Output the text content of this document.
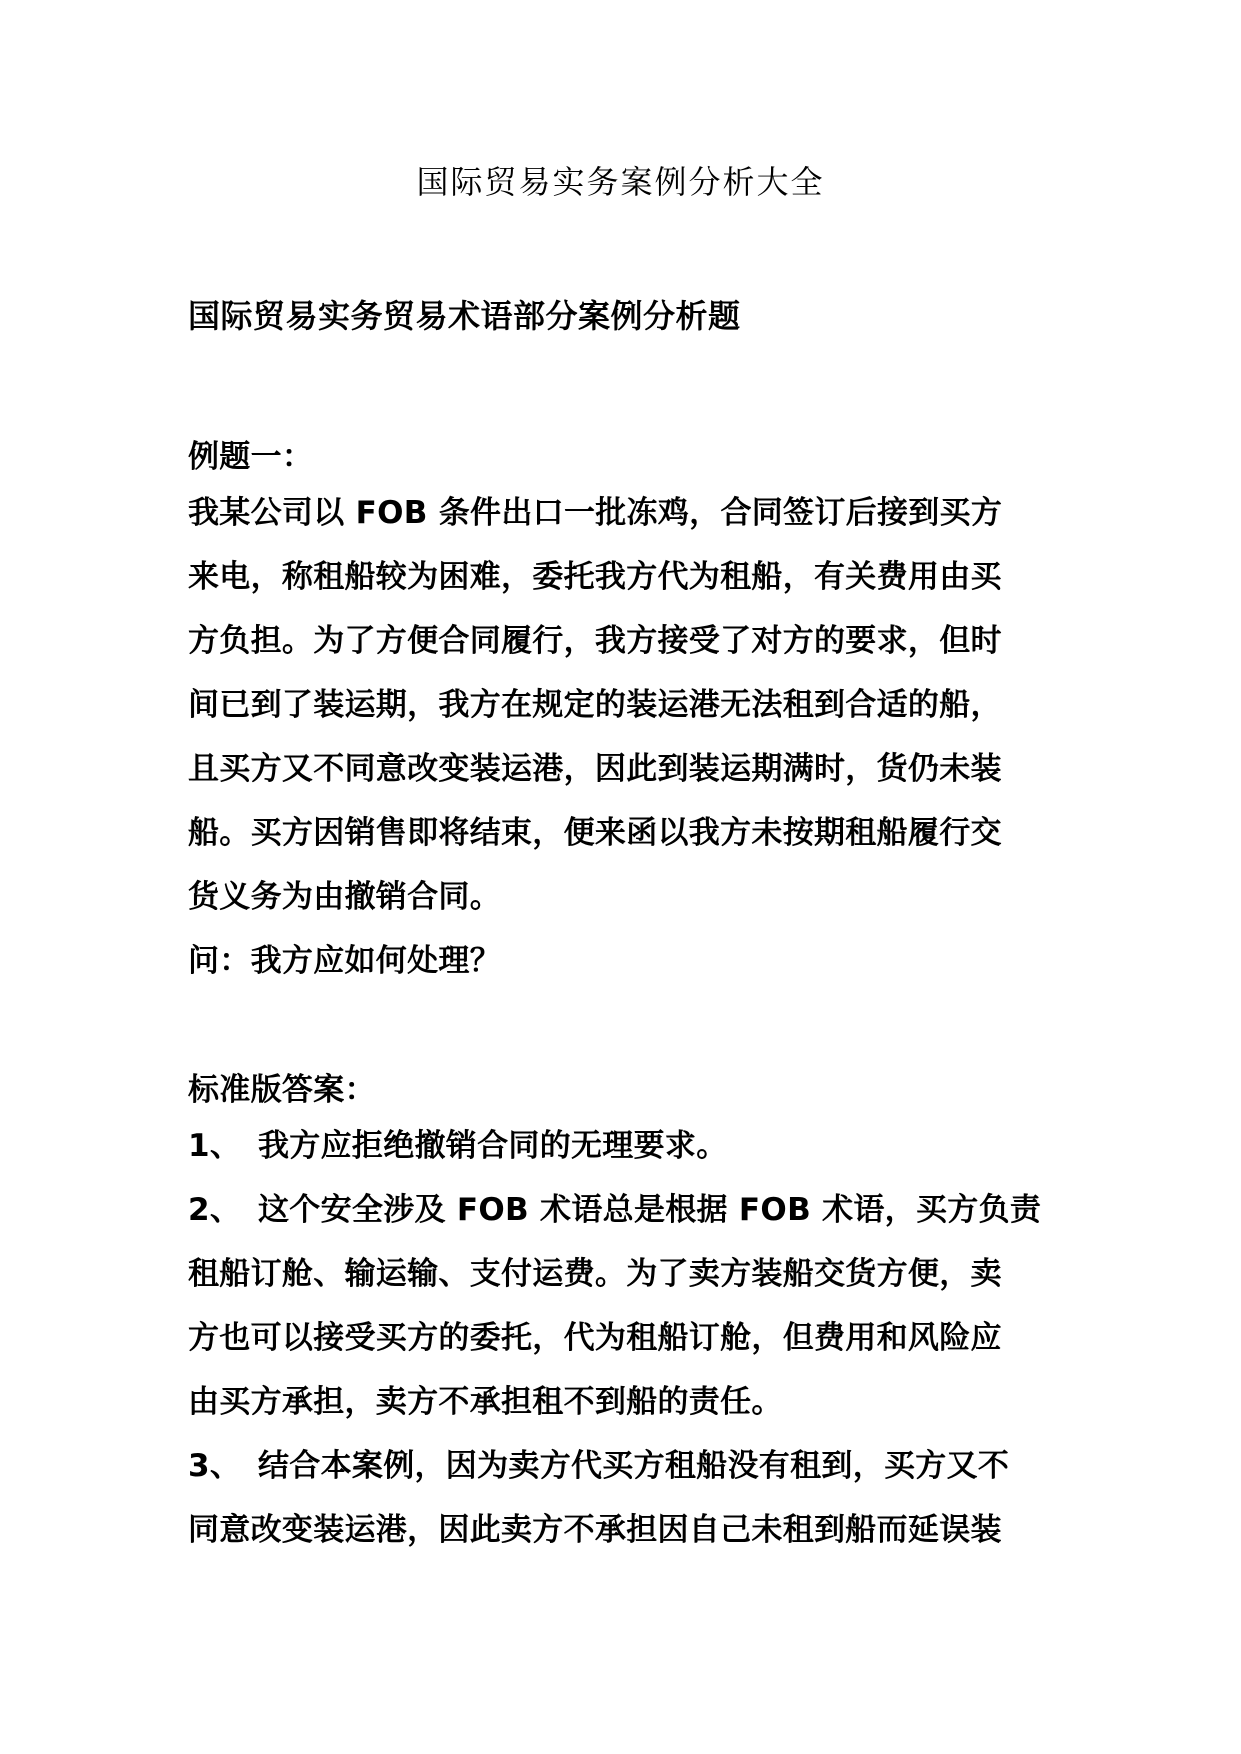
国际贸易实务案例分析大全
国际贸易实务贸易术语部分案例分析题
例题一：
我某公司以 FOB 条件出口一批冻鸡，合同签订后接到买方
来电，称租船较为困难，委托我方代为租船，有关费用由买
方负担。为了方便合同履行，我方接受了对方的要求，但时
间已到了装运期，我方在规定的装运港无法租到合适的船，
且买方又不同意改变装运港，因此到装运期满时，货仍未装
船。买方因销售即将结束，便来函以我方未按期租船履行交
货义务为由撤销合同。
问：我方应如何处理？
标准版答案：
1、 我方应拒绝撤销合同的无理要求。
2、 这个安全涉及 FOB 术语总是根据 FOB 术语，买方负责
租船订舱、输运输、支付运费。为了卖方装船交货方便，卖
方也可以接受买方的委托，代为租船订舱，但费用和风险应
由买方承担，卖方不承担租不到船的责任。
3、 结合本案例，因为卖方代买方租船没有租到，买方又不
同意改变装运港，因此卖方不承担因自己未租到船而延误装
